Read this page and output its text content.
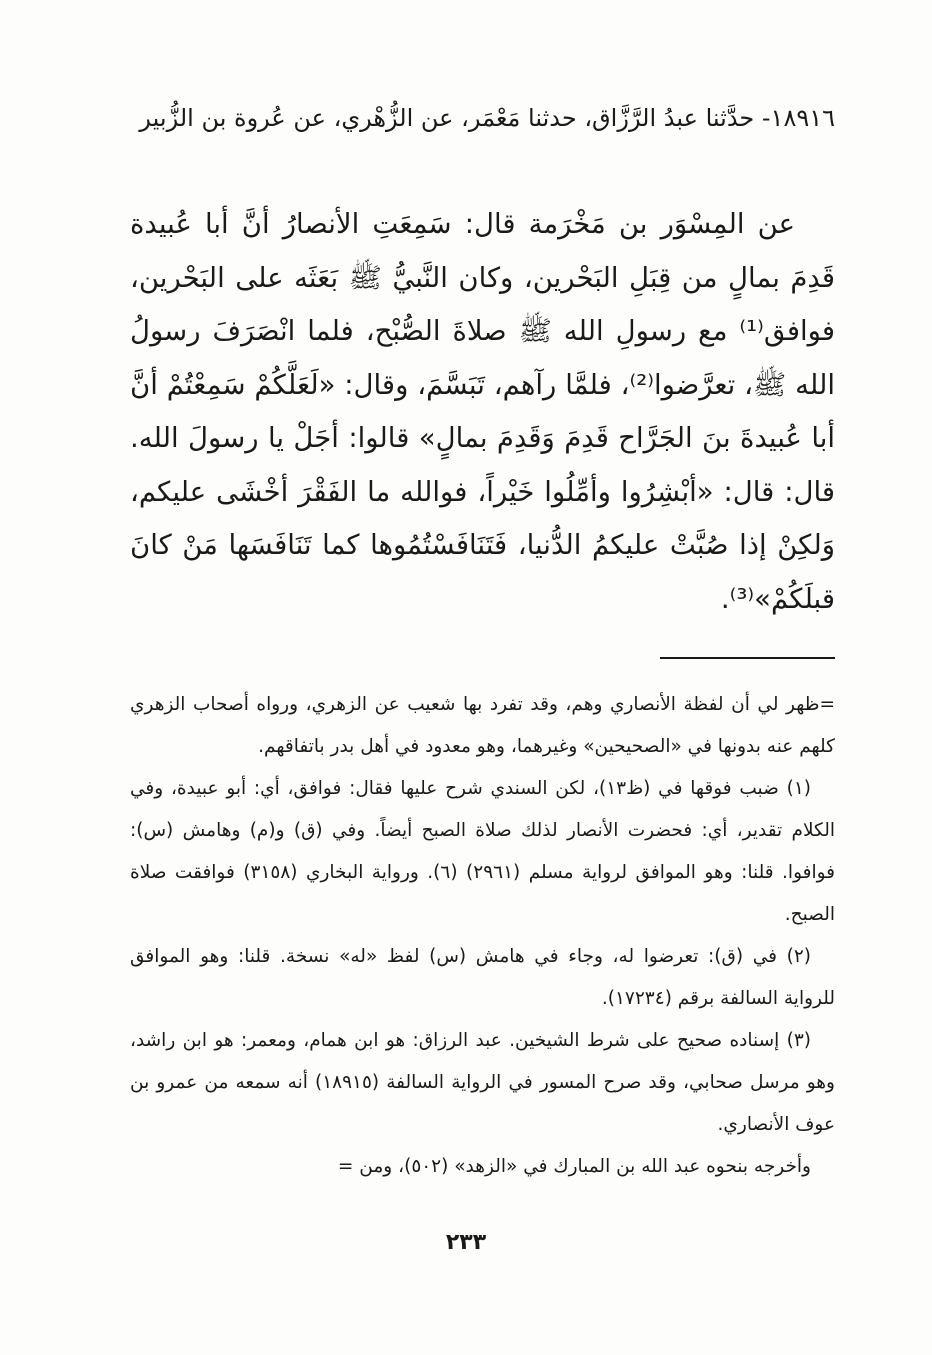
١٨٩١٦- حدَّثنا عبدُ الرَّزَّاق، حدثنا مَعْمَر، عن الزُّهْري، عن عُروة بن الزُّبير

عن المِسْوَر بن مَخْرَمة قال: سَمِعَتِ الأنصارُ أنَّ أبا عُبيدة قَدِمَ بمالٍ من قِبَلِ البَحْرين، وكان النَّبيُّ ﷺ بَعَثَه على البَحْرين، فوافق⁽¹⁾ مع رسولِ الله ﷺ صلاةَ الصُّبْح، فلما انْصَرَفَ رسولُ الله ﷺ، تعرَّضوا⁽²⁾، فلمَّا رآهم، تَبَسَّمَ، وقال: «لَعَلَّكُمْ سَمِعْتُمْ أنَّ أبا عُبيدةَ بنَ الجَرَّاح قَدِمَ وَقَدِمَ بمالٍ» قالوا: أجَلْ يا رسولَ الله. قال: قال: «أبْشِرُوا وأمِّلُوا خَيْراً، فوالله ما الفَقْرَ أخْشَى عليكم، وَلكِنْ إذا صُبَّتْ عليكمُ الدُّنيا، فَتَنَافَسْتُمُوها كما تَنَافَسَها مَنْ كانَ قبلَكُمْ»⁽³⁾.

=ظهر لي أن لفظة الأنصاري وهم، وقد تفرد بها شعيب عن الزهري، ورواه أصحاب الزهري كلهم عنه بدونها في «الصحيحين» وغيرهما، وهو معدود في أهل بدر باتفاقهم.

(١) ضبب فوقها في (ظ١٣)، لكن السندي شرح عليها فقال: فوافق، أي: أبو عبيدة، وفي الكلام تقدير، أي: فحضرت الأنصار لذلك صلاة الصبح أيضاً. وفي (ق) و(م) وهامش (س): فوافوا. قلنا: وهو الموافق لرواية مسلم (٢٩٦١) (٦). ورواية البخاري (٣١٥٨) فوافقت صلاة الصبح.

(٢) في (ق): تعرضوا له، وجاء في هامش (س) لفظ «له» نسخة. قلنا: وهو الموافق للرواية السالفة برقم (١٧٢٣٤).

(٣) إسناده صحيح على شرط الشيخين. عبد الرزاق: هو ابن همام، ومعمر: هو ابن راشد، وهو مرسل صحابي، وقد صرح المسور في الرواية السالفة (١٨٩١٥) أنه سمعه من عمرو بن عوف الأنصاري.

وأخرجه بنحوه عبد الله بن المبارك في «الزهد» (٥٠٢)، ومن =

٢٣٣
